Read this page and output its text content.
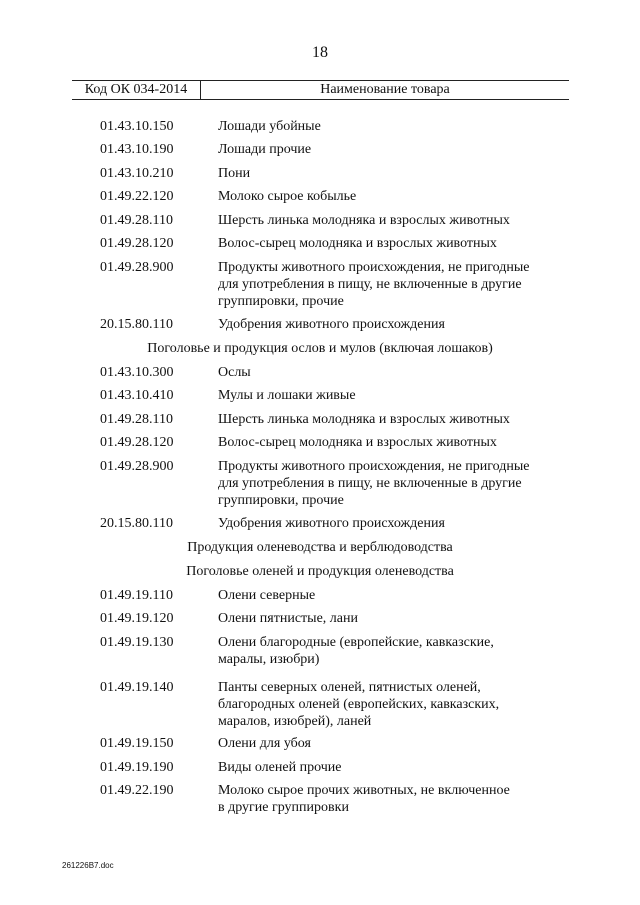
18
Код ОК 034-2014	Наименование товара
01.43.10.150	Лошади убойные
01.43.10.190	Лошади прочие
01.43.10.210	Пони
01.49.22.120	Молоко сырое кобылье
01.49.28.110	Шерсть линька молодняка и взрослых животных
01.49.28.120	Волос-сырец молодняка и взрослых животных
01.49.28.900	Продукты животного происхождения, не пригодные
для употребления в пищу, не включенные в другие
группировки, прочие
20.15.80.110	Удобрения животного происхождения
Поголовье и продукция ослов и мулов (включая лошаков)
01.43.10.300	Ослы
01.43.10.410	Мулы и лошаки живые
01.49.28.110	Шерсть линька молодняка и взрослых животных
01.49.28.120	Волос-сырец молодняка и взрослых животных
01.49.28.900	Продукты животного происхождения, не пригодные
для употребления в пищу, не включенные в другие
группировки, прочие
20.15.80.110	Удобрения животного происхождения
Продукция оленеводства и верблюдоводства
Поголовье оленей и продукция оленеводства
01.49.19.110	Олени северные
01.49.19.120	Олени пятнистые, лани
01.49.19.130	Олени благородные (европейские, кавказские,
маралы, изюбри)
01.49.19.140	Панты северных оленей, пятнистых оленей,
благородных оленей (европейских, кавказских,
маралов, изюбрей), ланей
01.49.19.150	Олени для убоя
01.49.19.190	Виды оленей прочие
01.49.22.190	Молоко сырое прочих животных, не включенное
в другие группировки
261226B7.doc
